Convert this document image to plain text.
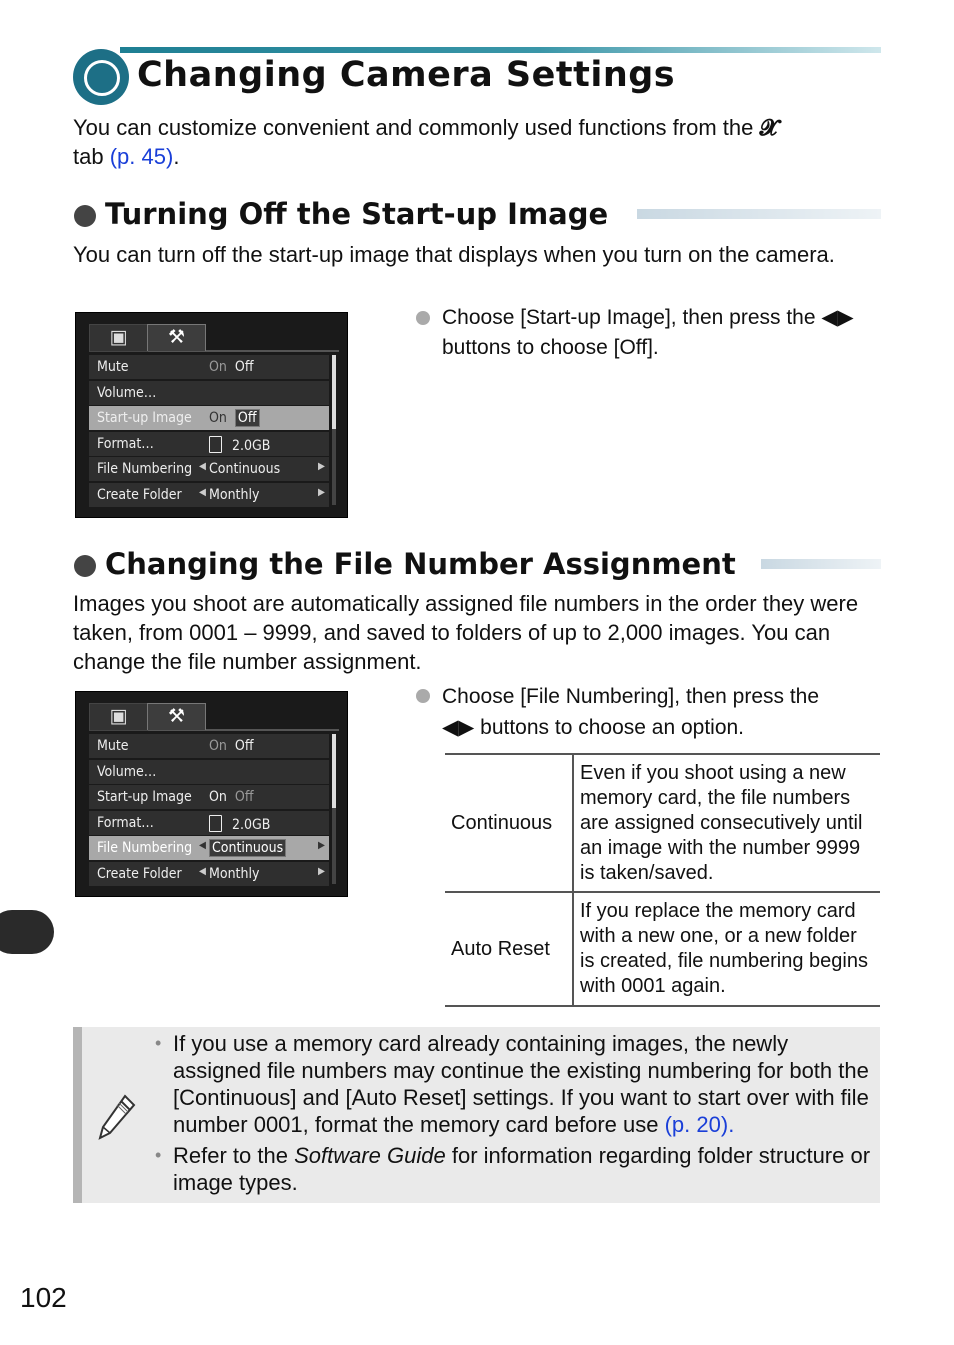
Changing Camera Settings
You can customize convenient and commonly used functions from the 𝓧
tab (p. 45).
Turning Off the Start-up Image
You can turn off the start-up image that displays when you turn on the camera.
▣	⚒
Mute	On Off
Volume…
Start-up Image On Off
Format…	2.0GB
File Numbering ◀ Continuous	▶
Create Folder ◀ Monthly	▶
Choose [Start-up Image], then press the ◀▶
buttons to choose [Off].
Changing the File Number Assignment
Images you shoot are automatically assigned file numbers in the order they were taken, from 0001 – 9999, and saved to folders of up to 2,000 images. You can change the file number assignment.
▣	⚒
Mute	On Off
Volume…
Start-up Image On Off
Format…	2.0GB
File Numbering ◀ Continuous	▶
Create Folder ◀ Monthly	▶
Choose [File Numbering], then press the
◀▶ buttons to choose an option.
Continuous	Even if you shoot using a new memory card, the file numbers are assigned consecutively until an image with the number 9999 is taken/saved.
Auto Reset	If you replace the memory card with a new one, or a new folder is created, file numbering begins with 0001 again.
• If you use a memory card already containing images, the newly assigned file numbers may continue the existing numbering for both the [Continuous] and [Auto Reset] settings. If you want to start over with file number 0001, format the memory card before use (p. 20).
• Refer to the Software Guide for information regarding folder structure or image types.
102
